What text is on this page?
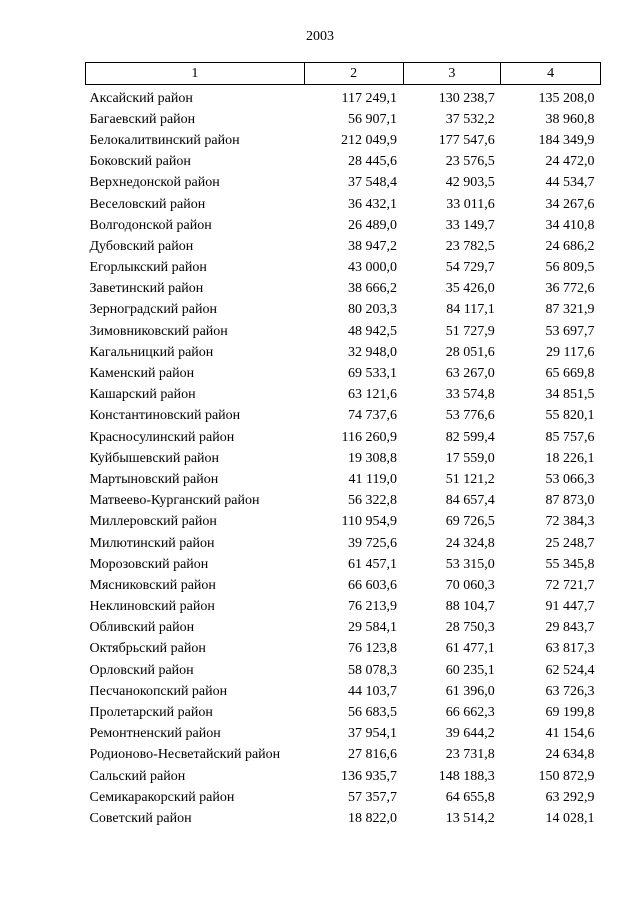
2003
1	2	3	4
Аксайский район	117 249,1	130 238,7	135 208,0
Багаевский район	56 907,1	37 532,2	38 960,8
Белокалитвинский район	212 049,9	177 547,6	184 349,9
Боковский район	28 445,6	23 576,5	24 472,0
Верхнедонской район	37 548,4	42 903,5	44 534,7
Веселовский район	36 432,1	33 011,6	34 267,6
Волгодонской район	26 489,0	33 149,7	34 410,8
Дубовский район	38 947,2	23 782,5	24 686,2
Егорлыкский район	43 000,0	54 729,7	56 809,5
Заветинский район	38 666,2	35 426,0	36 772,6
Зерноградский район	80 203,3	84 117,1	87 321,9
Зимовниковский район	48 942,5	51 727,9	53 697,7
Кагальницкий район	32 948,0	28 051,6	29 117,6
Каменский район	69 533,1	63 267,0	65 669,8
Кашарский район	63 121,6	33 574,8	34 851,5
Константиновский район	74 737,6	53 776,6	55 820,1
Красносулинский район	116 260,9	82 599,4	85 757,6
Куйбышевский район	19 308,8	17 559,0	18 226,1
Мартыновский район	41 119,0	51 121,2	53 066,3
Матвеево-Курганский район	56 322,8	84 657,4	87 873,0
Миллеровский район	110 954,9	69 726,5	72 384,3
Милютинский район	39 725,6	24 324,8	25 248,7
Морозовский район	61 457,1	53 315,0	55 345,8
Мясниковский район	66 603,6	70 060,3	72 721,7
Неклиновский район	76 213,9	88 104,7	91 447,7
Обливский район	29 584,1	28 750,3	29 843,7
Октябрьский район	76 123,8	61 477,1	63 817,3
Орловский район	58 078,3	60 235,1	62 524,4
Песчанокопский район	44 103,7	61 396,0	63 726,3
Пролетарский район	56 683,5	66 662,3	69 199,8
Ремонтненский район	37 954,1	39 644,2	41 154,6
Родионово-Несветайский район	27 816,6	23 731,8	24 634,8
Сальский район	136 935,7	148 188,3	150 872,9
Семикаракорский район	57 357,7	64 655,8	63 292,9
Советский район	18 822,0	13 514,2	14 028,1
